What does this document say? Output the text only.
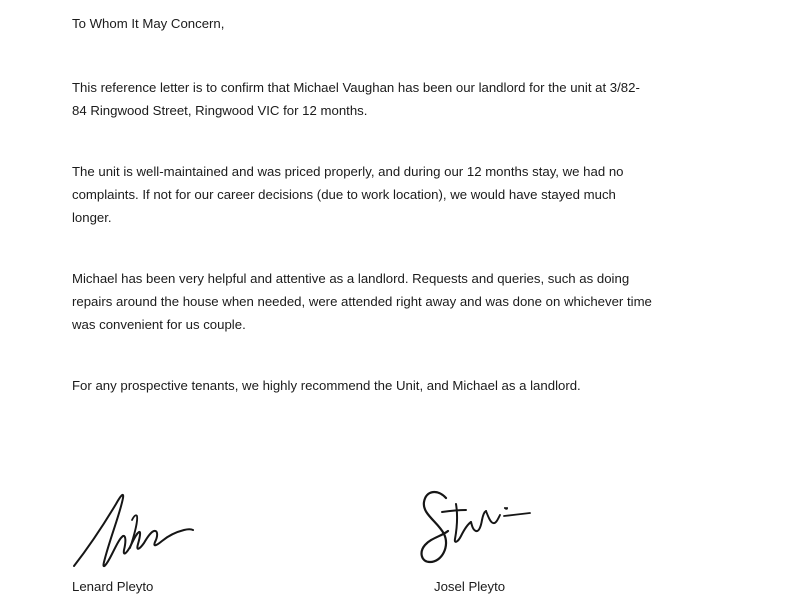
To Whom It May Concern,

This reference letter is to confirm that Michael Vaughan has been our landlord for the unit at 3/82-

84 Ringwood Street, Ringwood VIC for 12 months.

The unit is well-maintained and was priced properly, and during our 12 months stay, we had no

complaints. If not for our career decisions (due to work location), we would have stayed much

longer.

Michael has been very helpful and attentive as a landlord. Requests and queries, such as doing

repairs around the house when needed, were attended right away and was done on whichever time

was convenient for us couple.

For any prospective tenants, we highly recommend the Unit, and Michael as a landlord.

Lenard Pleyto	Josel Pleyto
